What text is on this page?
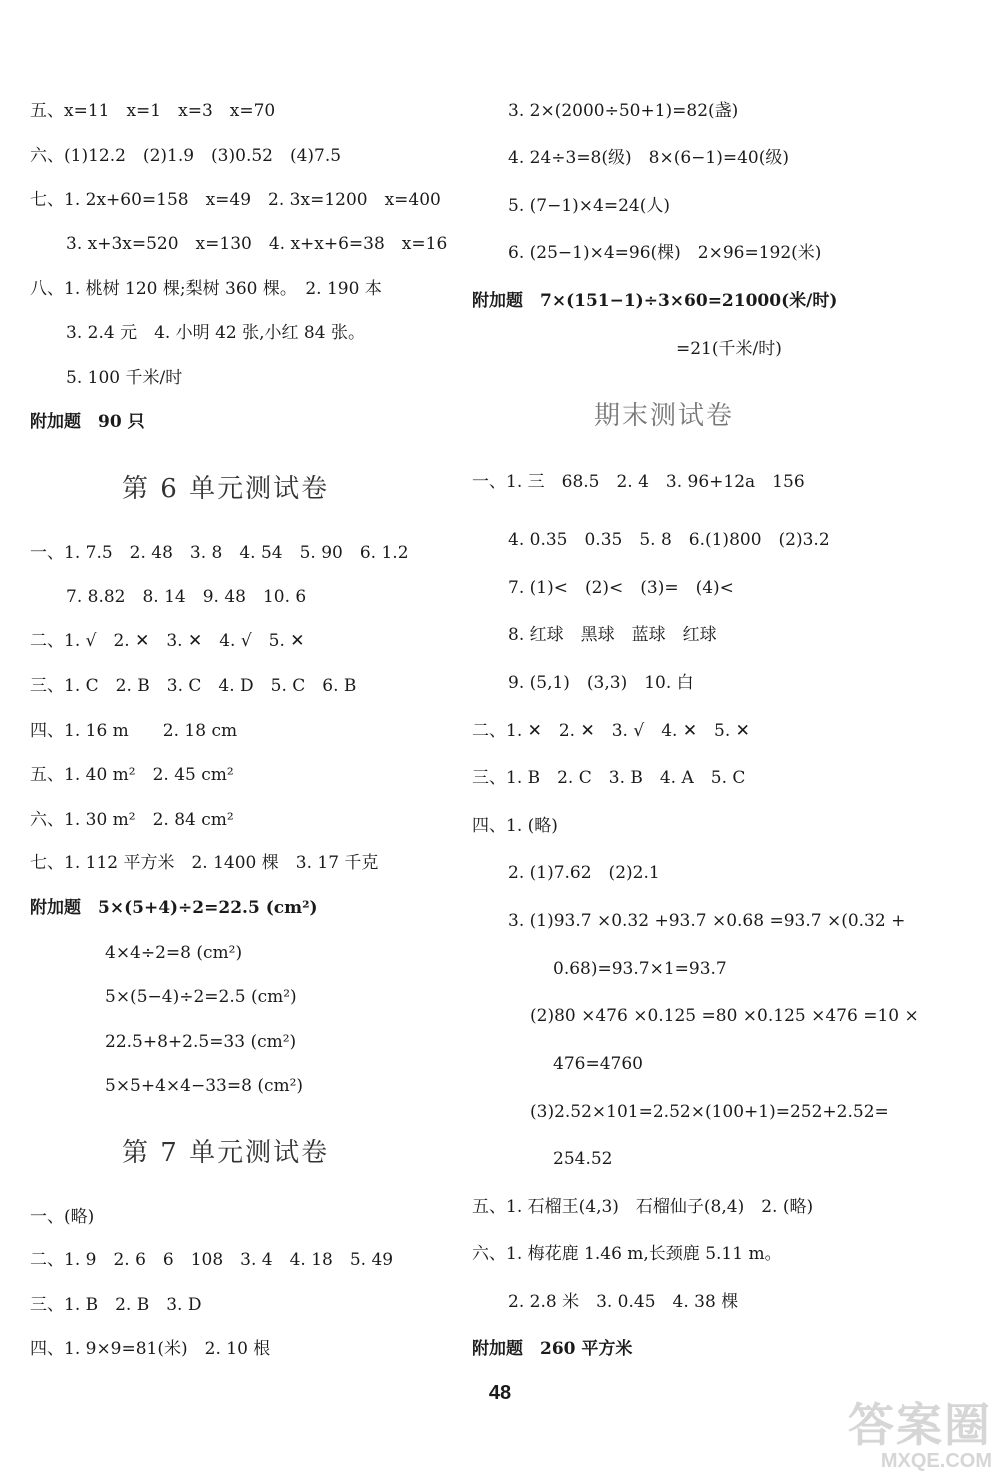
五、x=11　x=1　x=3　x=70
六、(1)12.2　(2)1.9　(3)0.52　(4)7.5
七、1. 2x+60=158　x=49　2. 3x=1200　x=400
3. x+3x=520　x=130　4. x+x+6=38　x=16
八、1. 桃树 120 棵;梨树 360 棵。　2. 190 本
3. 2.4 元　4. 小明 42 张,小红 84 张。
5. 100 千米/时
附加题　90 只
第 6 单元测试卷
一、1. 7.5　2. 48　3. 8　4. 54　5. 90　6. 1.2
7. 8.82　8. 14　9. 48　10. 6
二、1. √　2. ✕　3. ✕　4. √　5. ✕
三、1. C　2. B　3. C　4. D　5. C　6. B
四、1. 16 m　　2. 18 cm
五、1. 40 m²　2. 45 cm²
六、1. 30 m²　2. 84 cm²
七、1. 112 平方米　2. 1400 棵　3. 17 千克
附加题　5×(5+4)÷2=22.5 (cm²)
4×4÷2=8 (cm²)
5×(5−4)÷2=2.5 (cm²)
22.5+8+2.5=33 (cm²)
5×5+4×4−33=8 (cm²)
第 7 单元测试卷
一、(略)
二、1. 9　2. 6　6　108　3. 4　4. 18　5. 49
三、1. B　2. B　3. D
四、1. 9×9=81(米)　2. 10 根
3. 2×(2000÷50+1)=82(盏)
4. 24÷3=8(级)　8×(6−1)=40(级)
5. (7−1)×4=24(人)
6. (25−1)×4=96(棵)　2×96=192(米)
附加题　7×(151−1)÷3×60=21000(米/时)
=21(千米/时)
期末测试卷
一、1. 三　68.5　2. 4　3. 96+12a　156
4. 0.35　0.35　5. 8　6.(1)800　(2)3.2
7. (1)<　(2)<　(3)=　(4)<
8. 红球　黑球　蓝球　红球
9. (5,1)　(3,3)　10. 白
二、1. ✕　2. ✕　3. √　4. ✕　5. ✕
三、1. B　2. C　3. B　4. A　5. C
四、1. (略)
2. (1)7.62　(2)2.1
3. (1)93.7 ×0.32 +93.7 ×0.68 =93.7 ×(0.32 +
0.68)=93.7×1=93.7
(2)80 ×476 ×0.125 =80 ×0.125 ×476 =10 ×
476=4760
(3)2.52×101=2.52×(100+1)=252+2.52=
254.52
五、1. 石榴王(4,3)　石榴仙子(8,4)　2. (略)
六、1. 梅花鹿 1.46 m,长颈鹿 5.11 m。
2. 2.8 米　3. 0.45　4. 38 棵
附加题　260 平方米
48
答案圈
MXQE.COM
